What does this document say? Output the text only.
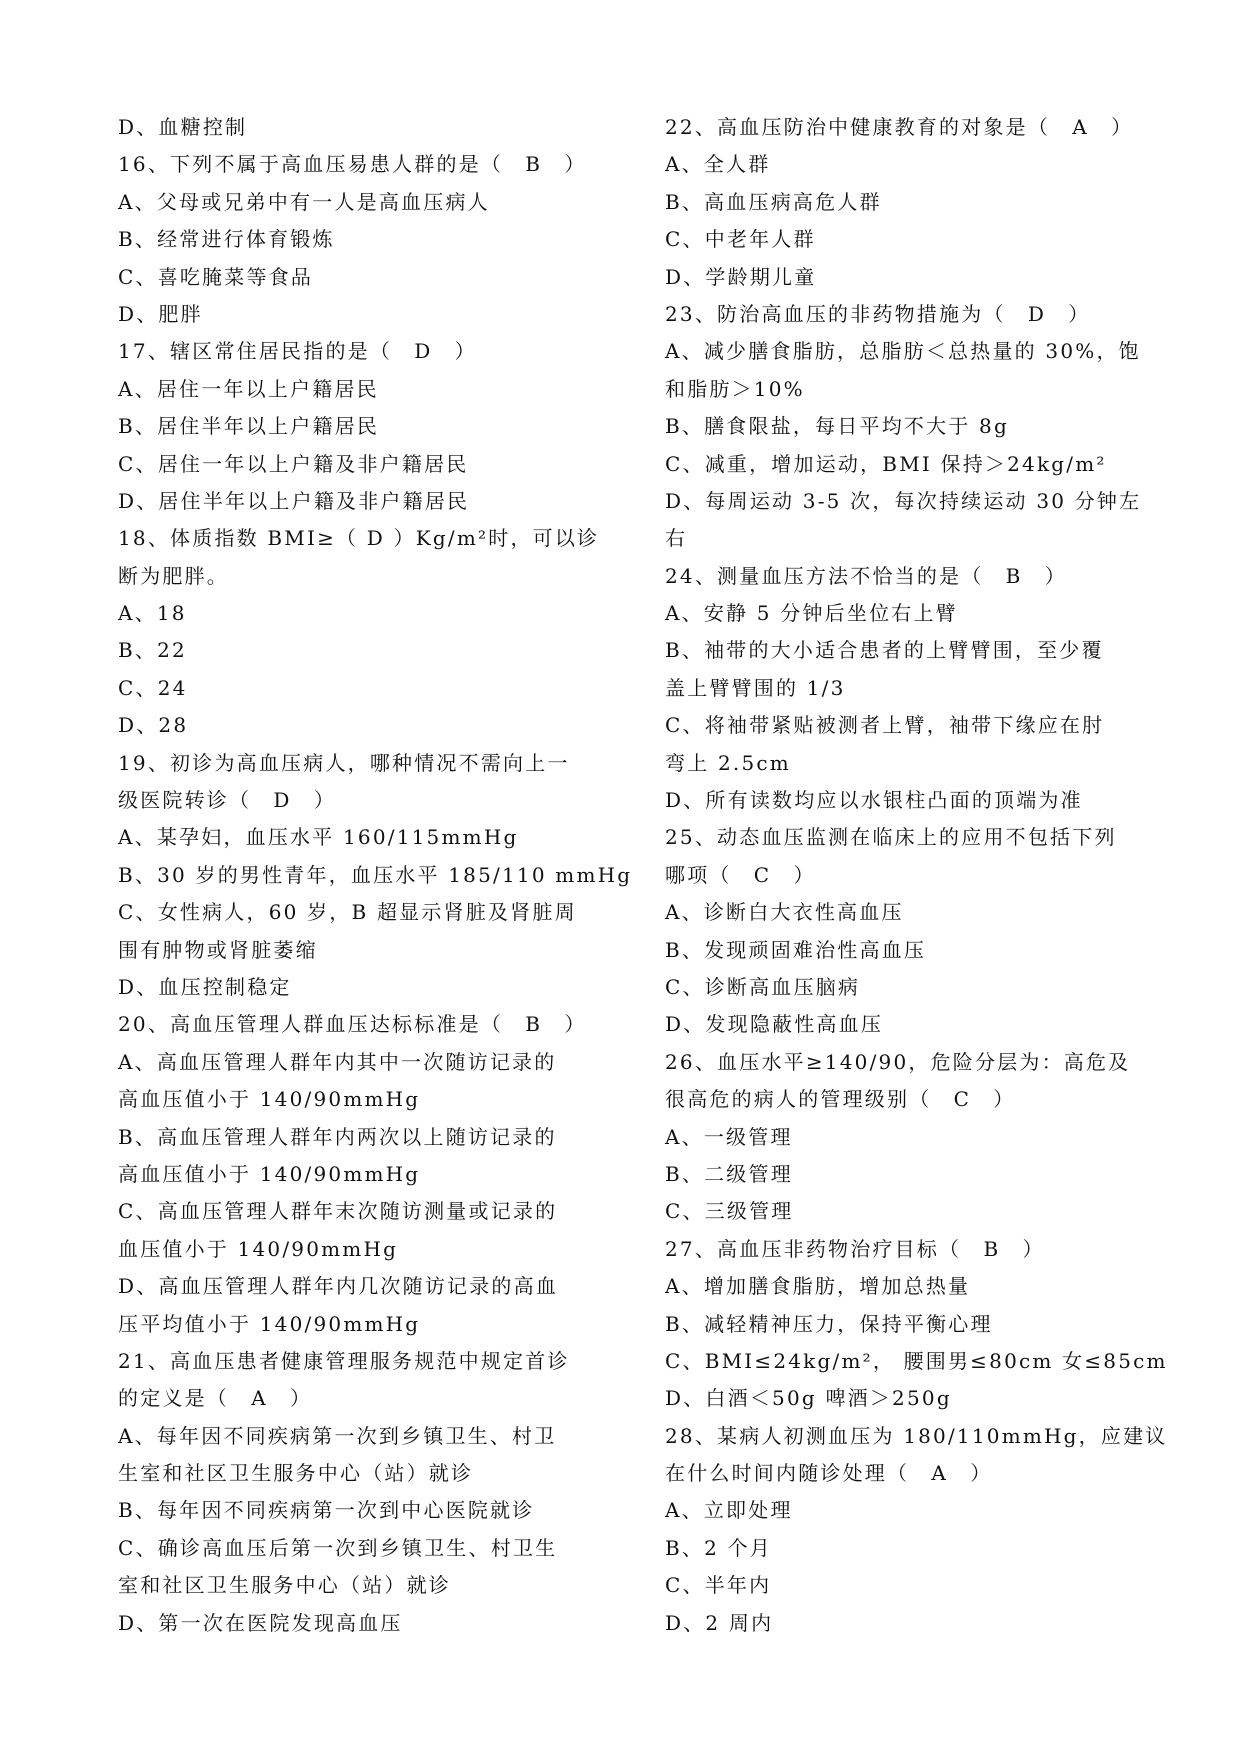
D、血糖控制
16、下列不属于高血压易患人群的是（　B　）
A、父母或兄弟中有一人是高血压病人
B、经常进行体育锻炼
C、喜吃腌菜等食品
D、肥胖
17、辖区常住居民指的是（　D　）
A、居住一年以上户籍居民
B、居住半年以上户籍居民
C、居住一年以上户籍及非户籍居民
D、居住半年以上户籍及非户籍居民
18、体质指数 BMI≥（ D ）Kg/m²时，可以诊
断为肥胖。
A、18
B、22
C、24
D、28
19、初诊为高血压病人，哪种情况不需向上一
级医院转诊（　D　）
A、某孕妇，血压水平 160/115mmHg
B、30 岁的男性青年，血压水平 185/110 mmHg
C、女性病人，60 岁，B 超显示肾脏及肾脏周
围有肿物或肾脏萎缩
D、血压控制稳定
20、高血压管理人群血压达标标准是（　B　）
A、高血压管理人群年内其中一次随访记录的
高血压值小于 140/90mmHg
B、高血压管理人群年内两次以上随访记录的
高血压值小于 140/90mmHg
C、高血压管理人群年末次随访测量或记录的
血压值小于 140/90mmHg
D、高血压管理人群年内几次随访记录的高血
压平均值小于 140/90mmHg
21、高血压患者健康管理服务规范中规定首诊
的定义是（　A　）
A、每年因不同疾病第一次到乡镇卫生、村卫
生室和社区卫生服务中心（站）就诊
B、每年因不同疾病第一次到中心医院就诊
C、确诊高血压后第一次到乡镇卫生、村卫生
室和社区卫生服务中心（站）就诊
D、第一次在医院发现高血压
22、高血压防治中健康教育的对象是（　A　）
A、全人群
B、高血压病高危人群
C、中老年人群
D、学龄期儿童
23、防治高血压的非药物措施为（　D　）
A、减少膳食脂肪，总脂肪＜总热量的 30%，饱
和脂肪＞10%
B、膳食限盐，每日平均不大于 8g
C、减重，增加运动，BMI 保持＞24kg/m²
D、每周运动 3-5 次，每次持续运动 30 分钟左
右
24、测量血压方法不恰当的是（　B　）
A、安静 5 分钟后坐位右上臂
B、袖带的大小适合患者的上臂臂围，至少覆
盖上臂臂围的 1/3
C、将袖带紧贴被测者上臂，袖带下缘应在肘
弯上 2.5cm
D、所有读数均应以水银柱凸面的顶端为准
25、动态血压监测在临床上的应用不包括下列
哪项（　C　）
A、诊断白大衣性高血压
B、发现顽固难治性高血压
C、诊断高血压脑病
D、发现隐蔽性高血压
26、血压水平≥140/90，危险分层为：高危及
很高危的病人的管理级别（　C　）
A、一级管理
B、二级管理
C、三级管理
27、高血压非药物治疗目标（　B　）
A、增加膳食脂肪，增加总热量
B、减轻精神压力，保持平衡心理
C、BMI≤24kg/m²， 腰围男≤80cm 女≤85cm
D、白酒＜50g 啤酒＞250g
28、某病人初测血压为 180/110mmHg，应建议
在什么时间内随诊处理（　A　）
A、立即处理
B、2 个月
C、半年内
D、2 周内
